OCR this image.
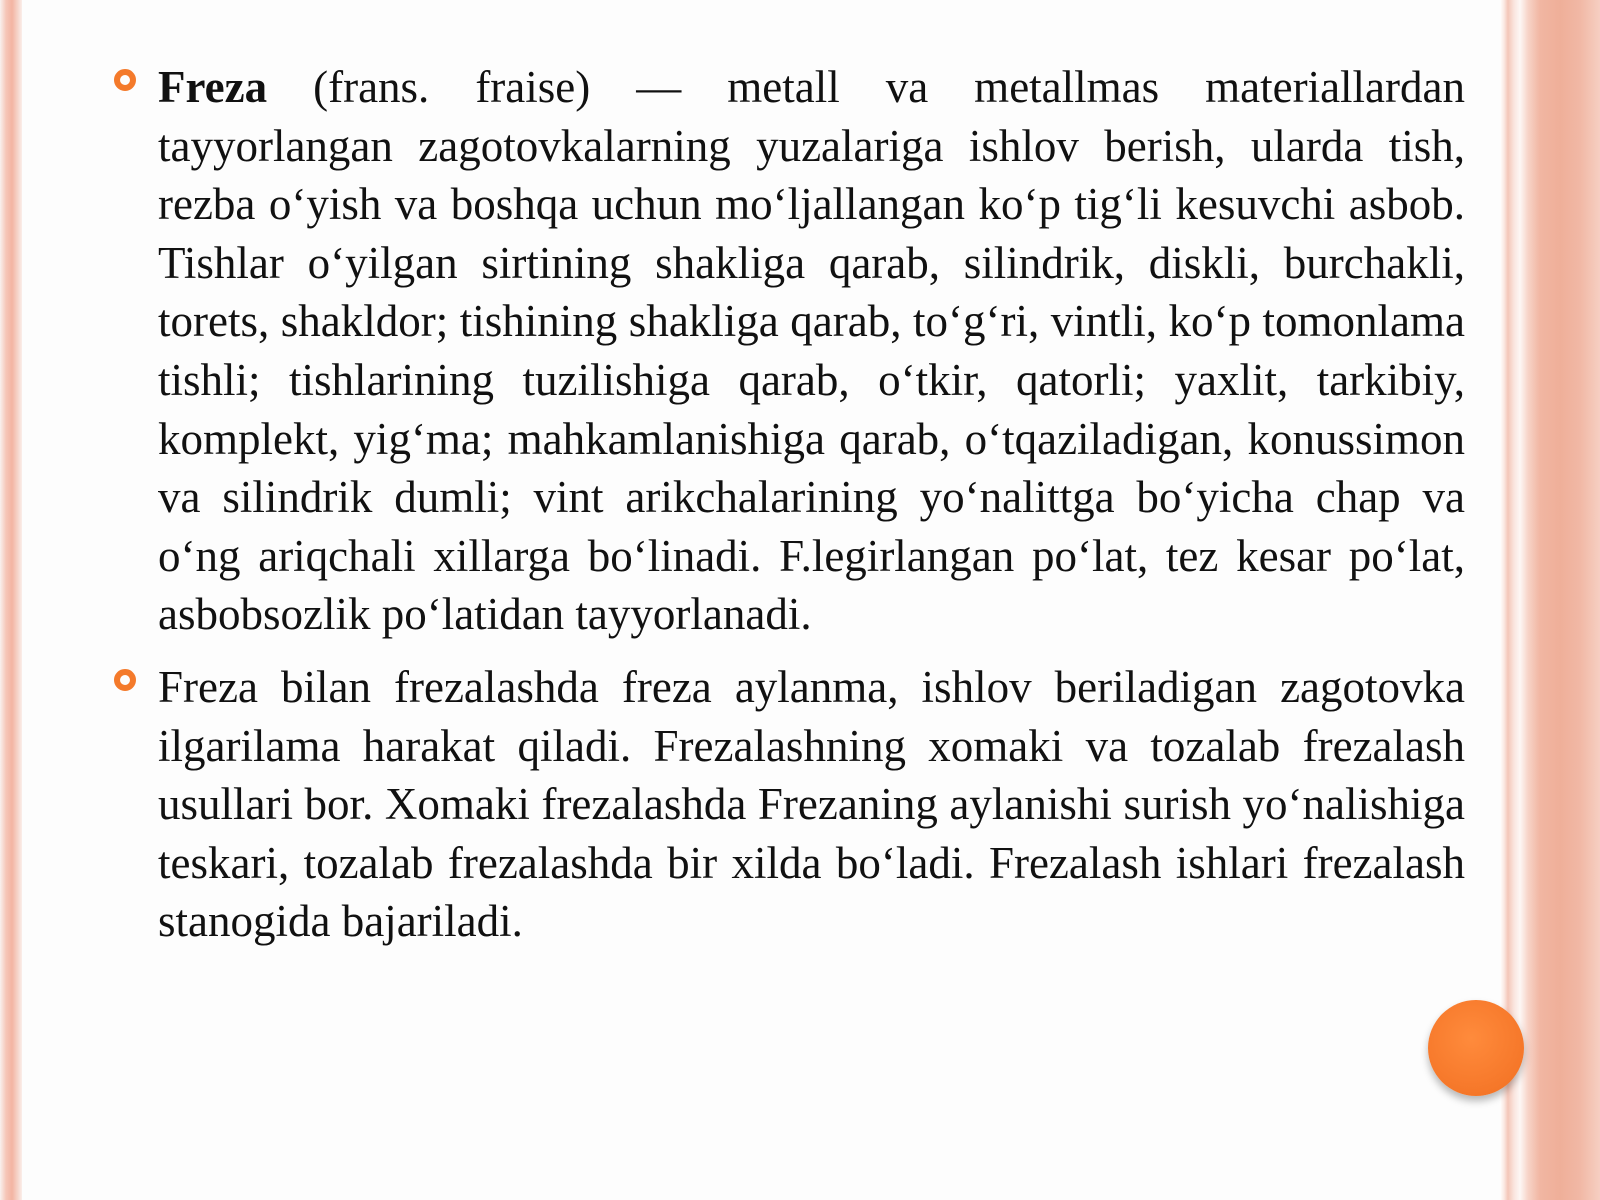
Freza (frans. fraise) — metall va metallmas materiallardan tayyorlangan zagotovkalarning yuzalariga ishlov berish, ularda tish, rezba o‘yish va boshqa uchun mo‘ljallangan ko‘p tig‘li kesuvchi asbob. Tishlar o‘yilgan sirtining shakliga qarab, silindrik, diskli, burchakli, torets, shakldor; tishining shakliga qarab, to‘g‘ri, vintli, ko‘p tomonlama tishli; tishlarining tuzilishiga qarab, o‘tkir, qatorli; yaxlit, tarkibiy, komplekt, yig‘ma; mahkamlanishiga qarab, o‘tqaziladigan, konussimon va silindrik dumli; vint arikchalarining yo‘nalittga bo‘yicha chap va o‘ng ariqchali xillarga bo‘linadi. F.legirlangan po‘lat, tez kesar po‘lat, asbobsozlik po‘latidan tayyorlanadi.

Freza bilan frezalashda freza aylanma, ishlov beriladigan zagotovka ilgarilama harakat qiladi. Frezalashning xomaki va tozalab frezalash usullari bor. Xomaki frezalashda Frezaning aylanishi surish yo‘nalishiga teskari, tozalab frezalashda bir xilda bo‘ladi. Frezalash ishlari frezalash stanogida bajariladi.
